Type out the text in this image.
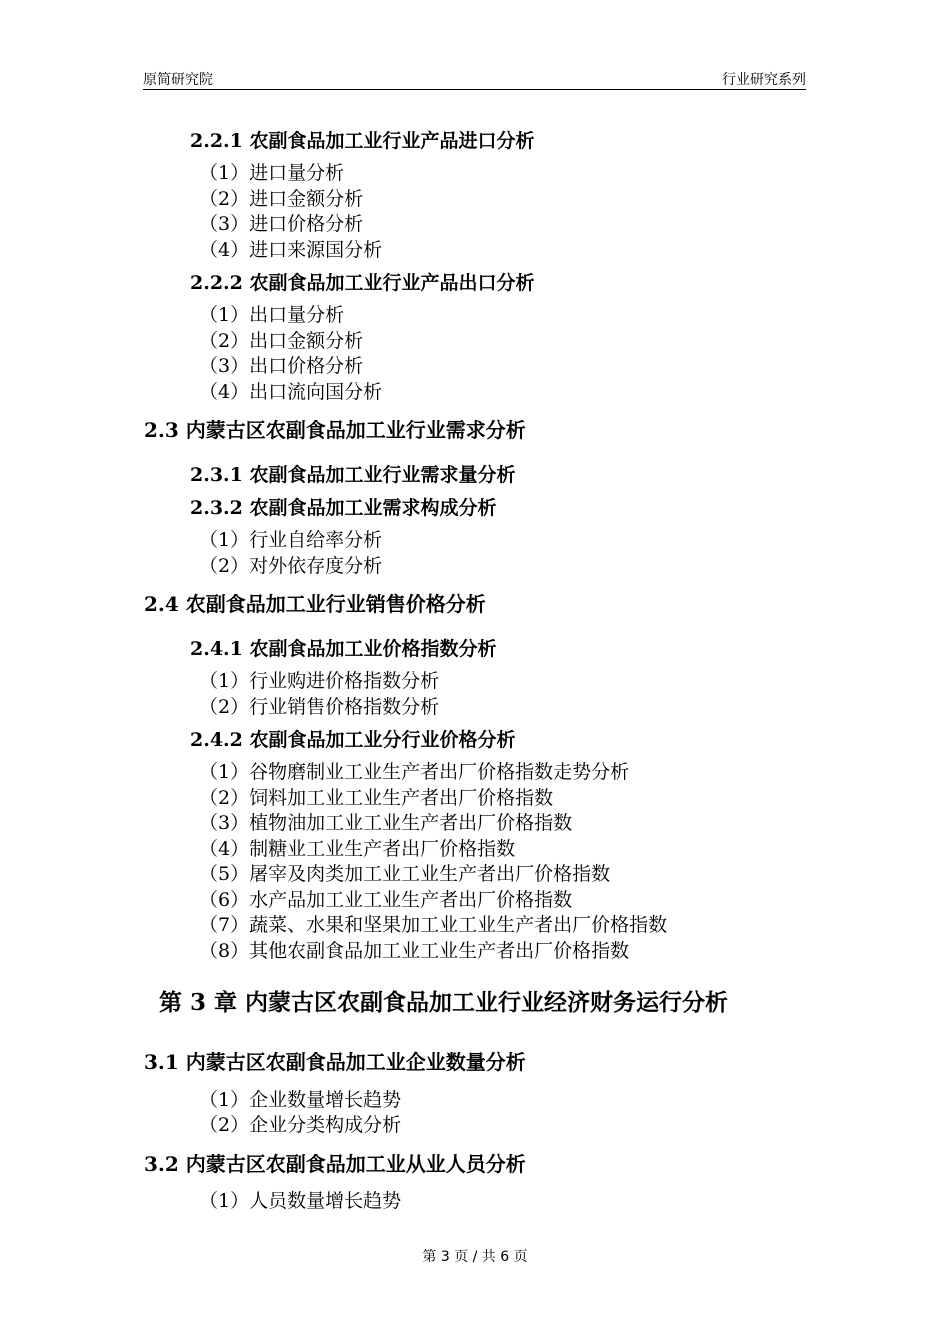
原简研究院	行业研究系列
2.2.1 农副食品加工业行业产品进口分析
（1）进口量分析
（2）进口金额分析
（3）进口价格分析
（4）进口来源国分析
2.2.2 农副食品加工业行业产品出口分析
（1）出口量分析
（2）出口金额分析
（3）出口价格分析
（4）出口流向国分析
2.3 内蒙古区农副食品加工业行业需求分析
2.3.1 农副食品加工业行业需求量分析
2.3.2 农副食品加工业需求构成分析
（1）行业自给率分析
（2）对外依存度分析
2.4 农副食品加工业行业销售价格分析
2.4.1 农副食品加工业价格指数分析
（1）行业购进价格指数分析
（2）行业销售价格指数分析
2.4.2 农副食品加工业分行业价格分析
（1）谷物磨制业工业生产者出厂价格指数走势分析
（2）饲料加工业工业生产者出厂价格指数
（3）植物油加工业工业生产者出厂价格指数
（4）制糖业工业生产者出厂价格指数
（5）屠宰及肉类加工业工业生产者出厂价格指数
（6）水产品加工业工业生产者出厂价格指数
（7）蔬菜、水果和坚果加工业工业生产者出厂价格指数
（8）其他农副食品加工业工业生产者出厂价格指数
第 3 章 内蒙古区农副食品加工业行业经济财务运行分析
3.1 内蒙古区农副食品加工业企业数量分析
（1）企业数量增长趋势
（2）企业分类构成分析
3.2 内蒙古区农副食品加工业从业人员分析
（1）人员数量增长趋势
第 3 页 / 共 6 页
